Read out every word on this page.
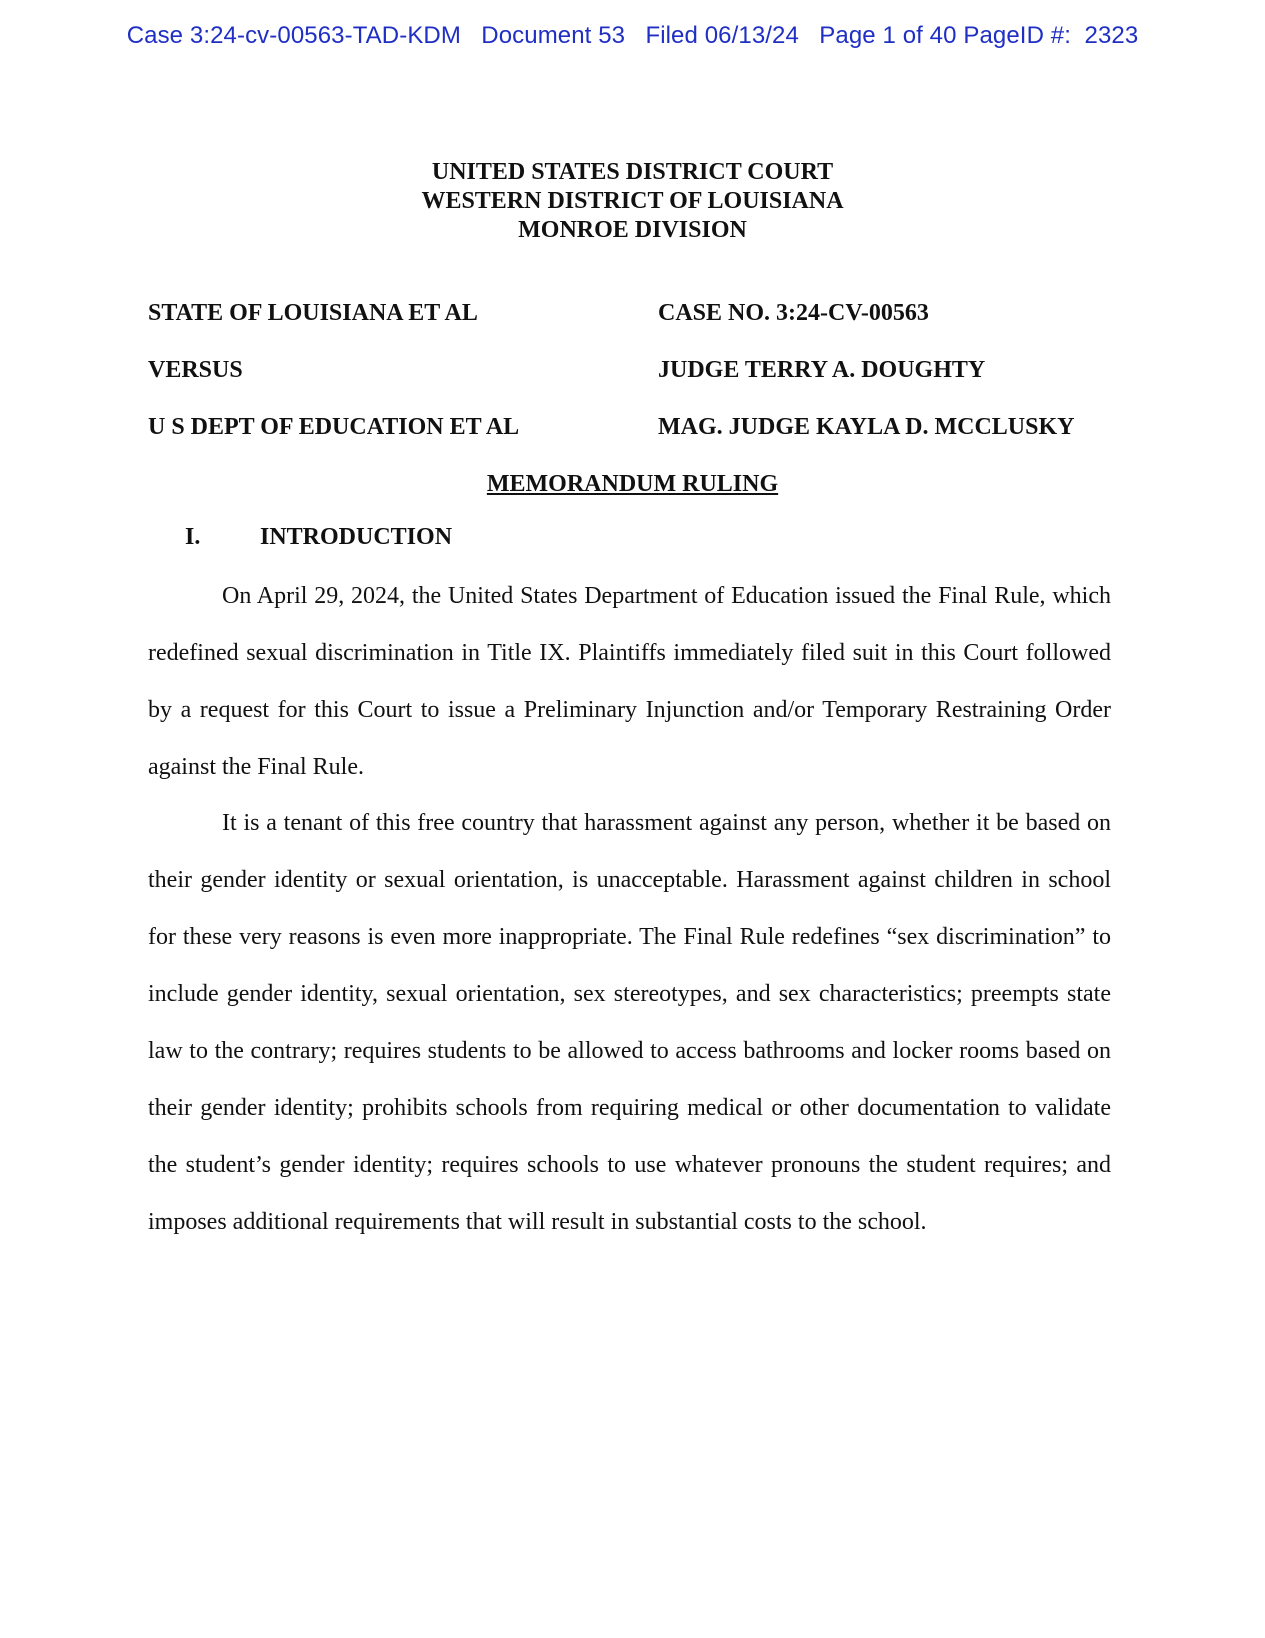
Case 3:24-cv-00563-TAD-KDM Document 53 Filed 06/13/24 Page 1 of 40 PageID #:  2323
UNITED STATES DISTRICT COURT
WESTERN DISTRICT OF LOUISIANA
MONROE DIVISION
STATE OF LOUISIANA ET AL	CASE NO. 3:24-CV-00563
VERSUS	JUDGE TERRY A. DOUGHTY
U S DEPT OF EDUCATION ET AL	MAG. JUDGE KAYLA D. MCCLUSKY
MEMORANDUM RULING
I. INTRODUCTION

On April 29, 2024, the United States Department of Education issued the Final Rule, which redefined sexual discrimination in Title IX. Plaintiffs immediately filed suit in this Court followed by a request for this Court to issue a Preliminary Injunction and/or Temporary Restraining Order against the Final Rule.

It is a tenant of this free country that harassment against any person, whether it be based on their gender identity or sexual orientation, is unacceptable. Harassment against children in school for these very reasons is even more inappropriate. The Final Rule redefines “sex discrimination” to include gender identity, sexual orientation, sex stereotypes, and sex characteristics; preempts state law to the contrary; requires students to be allowed to access bathrooms and locker rooms based on their gender identity; prohibits schools from requiring medical or other documentation to validate the student’s gender identity; requires schools to use whatever pronouns the student requires; and imposes additional requirements that will result in substantial costs to the school.
